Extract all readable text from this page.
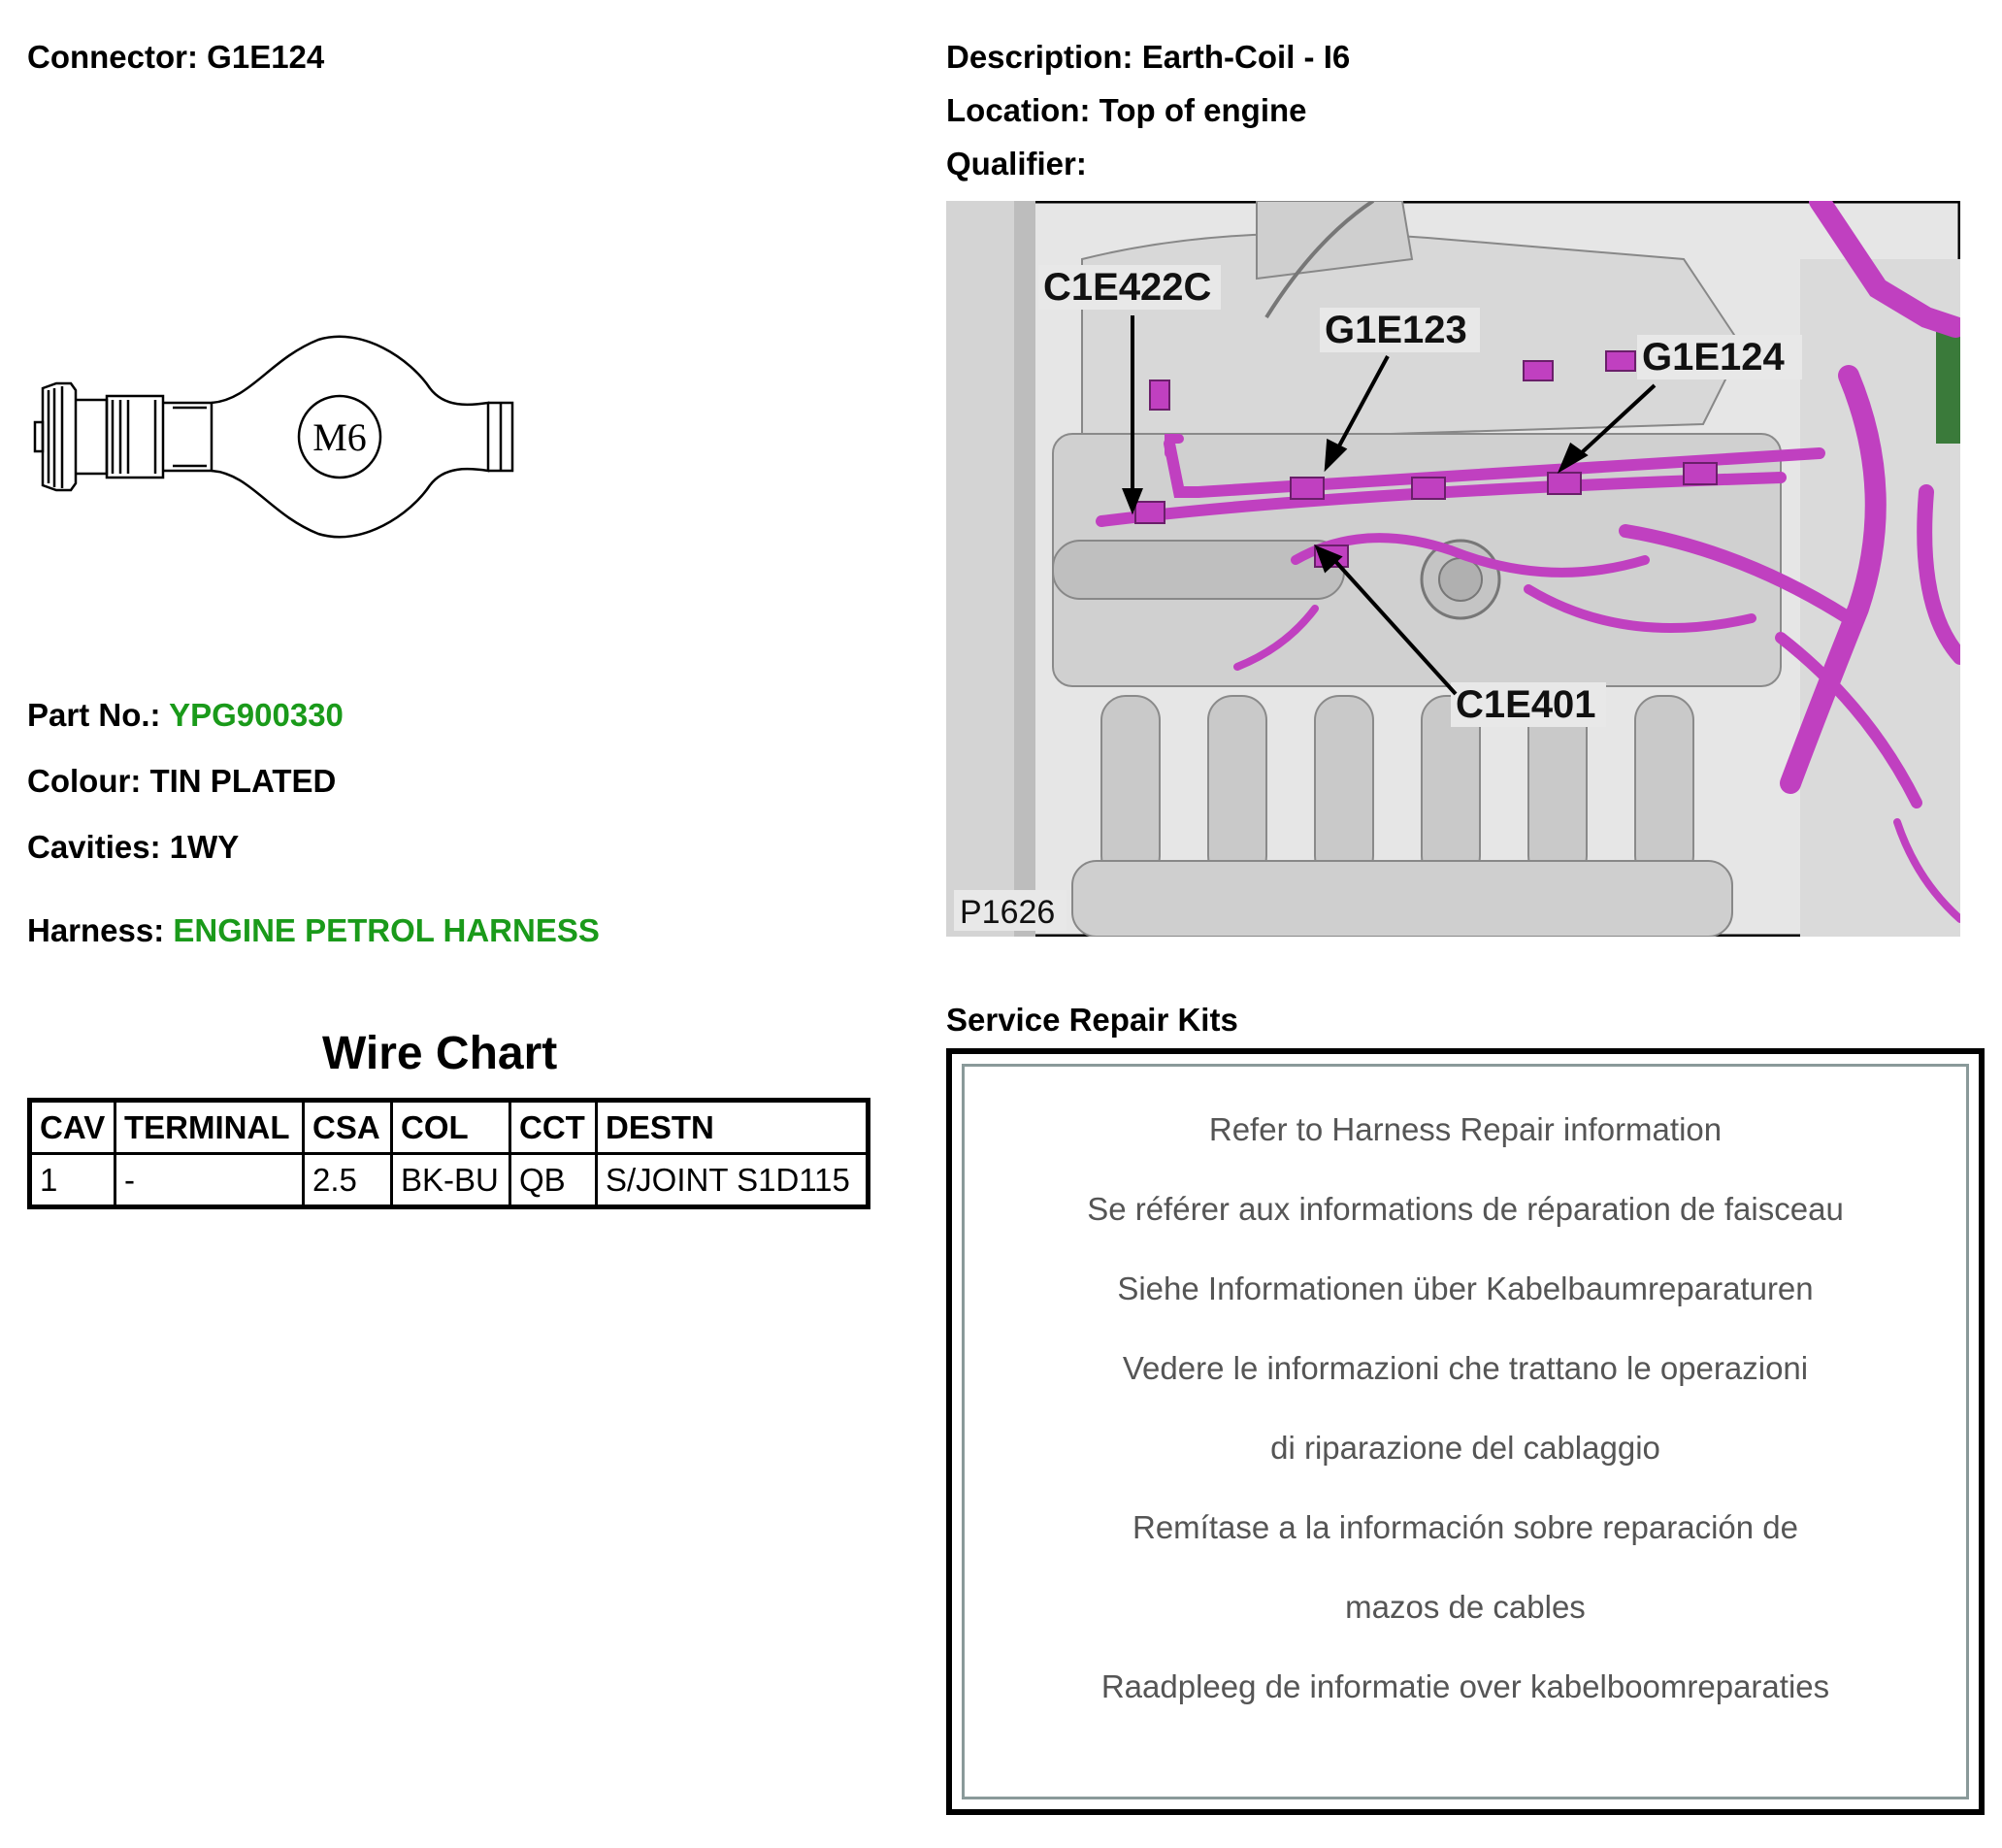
Connector: G1E124	Description: Earth-Coil - I6
Location: Top of engine
Qualifier:
M6
Part No.: YPG900330
Colour: TIN PLATED
Cavities: 1WY
Harness: ENGINE PETROL HARNESS
Wire Chart
CAV	TERMINAL	CSA	COL	CCT	DESTN
1	-	2.5	BK-BU	QB	S/JOINT S1D115
C1E422C
G1E123
G1E124
C1E401
P1626
Service Repair Kits
Refer to Harness Repair information
Se référer aux informations de réparation de faisceau
Siehe Informationen über Kabelbaumreparaturen
Vedere le informazioni che trattano le operazioni
di riparazione del cablaggio
Remítase a la información sobre reparación de
mazos de cables
Raadpleeg de informatie over kabelboomreparaties
